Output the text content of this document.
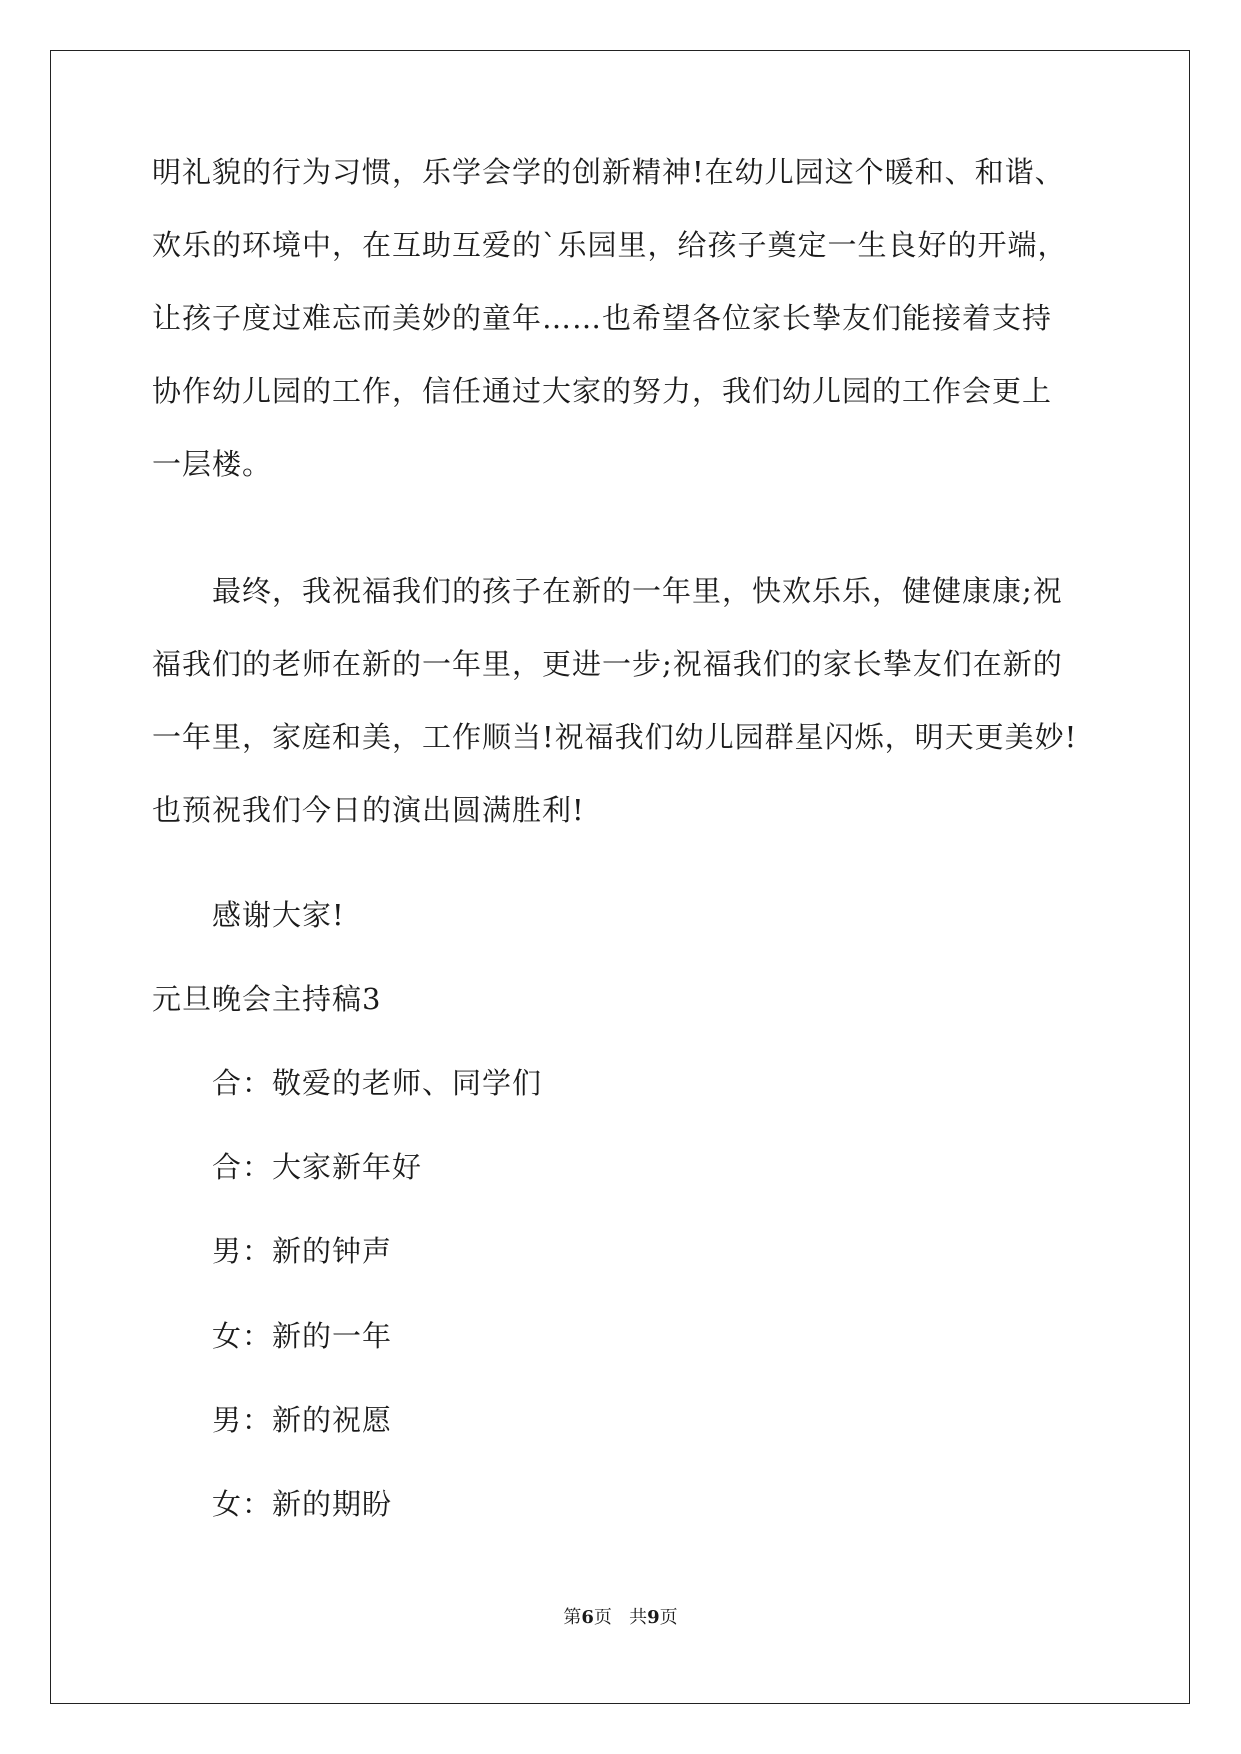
明礼貌的行为习惯，乐学会学的创新精神!在幼儿园这个暖和、和谐、
欢乐的环境中，在互助互爱的`乐园里，给孩子奠定一生良好的开端，
让孩子度过难忘而美妙的童年……也希望各位家长挚友们能接着支持
协作幼儿园的工作，信任通过大家的努力，我们幼儿园的工作会更上
一层楼。
最终，我祝福我们的孩子在新的一年里，快欢乐乐，健健康康;祝
福我们的老师在新的一年里，更进一步;祝福我们的家长挚友们在新的
一年里，家庭和美，工作顺当!祝福我们幼儿园群星闪烁，明天更美妙!
也预祝我们今日的演出圆满胜利!
感谢大家!
元旦晚会主持稿3
合：敬爱的老师、同学们
合：大家新年好
男：新的钟声
女：新的一年
男：新的祝愿
女：新的期盼
第6页   共9页
